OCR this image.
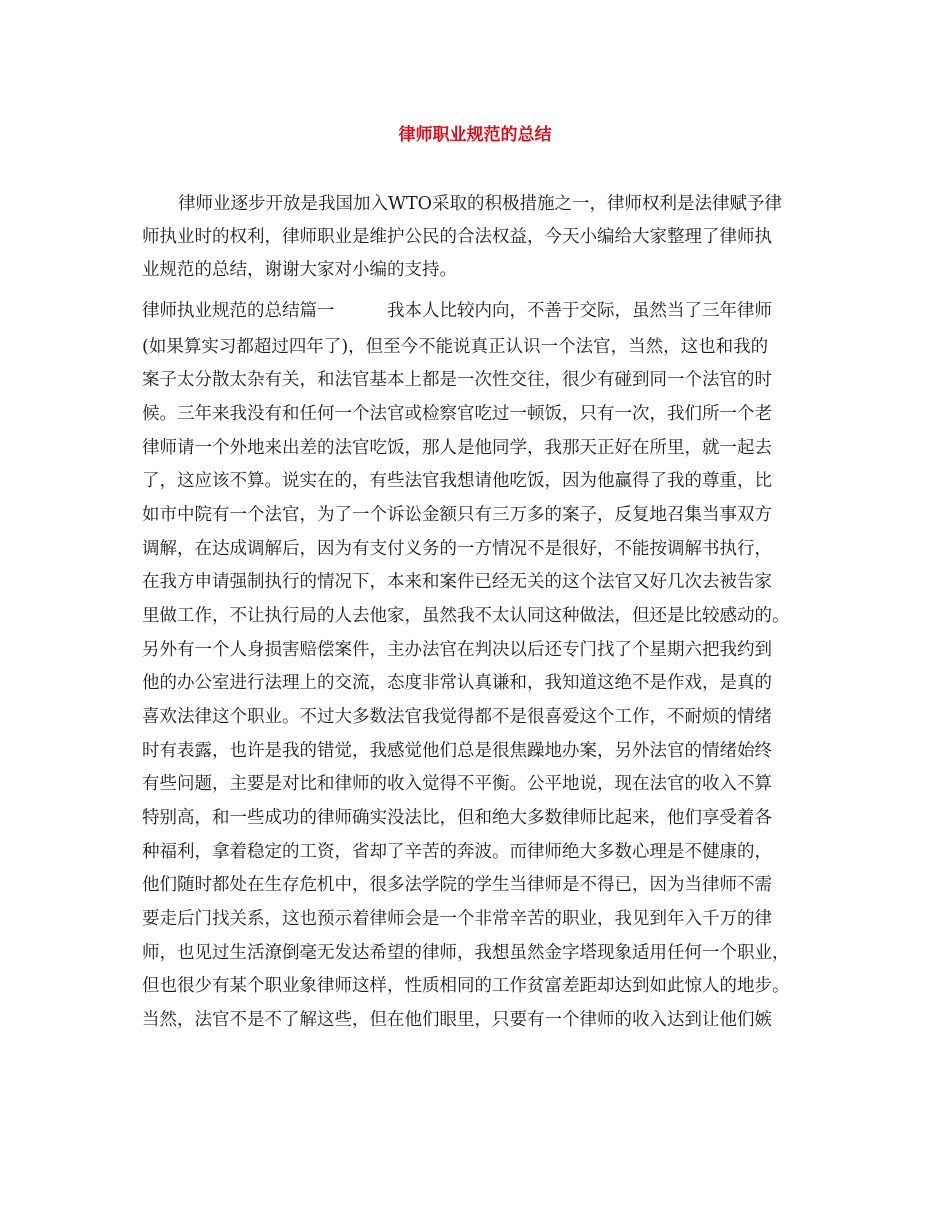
律师职业规范的总结
律师业逐步开放是我国加入WTO采取的积极措施之一，律师权利是法律赋予律
师执业时的权利，律师职业是维护公民的合法权益，今天小编给大家整理了律师执
业规范的总结，谢谢大家对小编的支持。
律师执业规范的总结篇一　　　我本人比较内向，不善于交际，虽然当了三年律师
(如果算实习都超过四年了)，但至今不能说真正认识一个法官，当然，这也和我的
案子太分散太杂有关，和法官基本上都是一次性交往，很少有碰到同一个法官的时
候。三年来我没有和任何一个法官或检察官吃过一顿饭，只有一次，我们所一个老
律师请一个外地来出差的法官吃饭，那人是他同学，我那天正好在所里，就一起去
了，这应该不算。说实在的，有些法官我想请他吃饭，因为他赢得了我的尊重，比
如市中院有一个法官，为了一个诉讼金额只有三万多的案子，反复地召集当事双方
调解，在达成调解后，因为有支付义务的一方情况不是很好，不能按调解书执行，
在我方申请强制执行的情况下，本来和案件已经无关的这个法官又好几次去被告家
里做工作，不让执行局的人去他家，虽然我不太认同这种做法，但还是比较感动的。
另外有一个人身损害赔偿案件，主办法官在判决以后还专门找了个星期六把我约到
他的办公室进行法理上的交流，态度非常认真谦和，我知道这绝不是作戏，是真的
喜欢法律这个职业。不过大多数法官我觉得都不是很喜爱这个工作，不耐烦的情绪
时有表露，也许是我的错觉，我感觉他们总是很焦躁地办案，另外法官的情绪始终
有些问题，主要是对比和律师的收入觉得不平衡。公平地说，现在法官的收入不算
特别高，和一些成功的律师确实没法比，但和绝大多数律师比起来，他们享受着各
种福利，拿着稳定的工资，省却了辛苦的奔波。而律师绝大多数心理是不健康的，
他们随时都处在生存危机中，很多法学院的学生当律师是不得已，因为当律师不需
要走后门找关系，这也预示着律师会是一个非常辛苦的职业，我见到年入千万的律
师，也见过生活潦倒毫无发达希望的律师，我想虽然金字塔现象适用任何一个职业，
但也很少有某个职业象律师这样，性质相同的工作贫富差距却达到如此惊人的地步。
当然，法官不是不了解这些，但在他们眼里，只要有一个律师的收入达到让他们嫉
